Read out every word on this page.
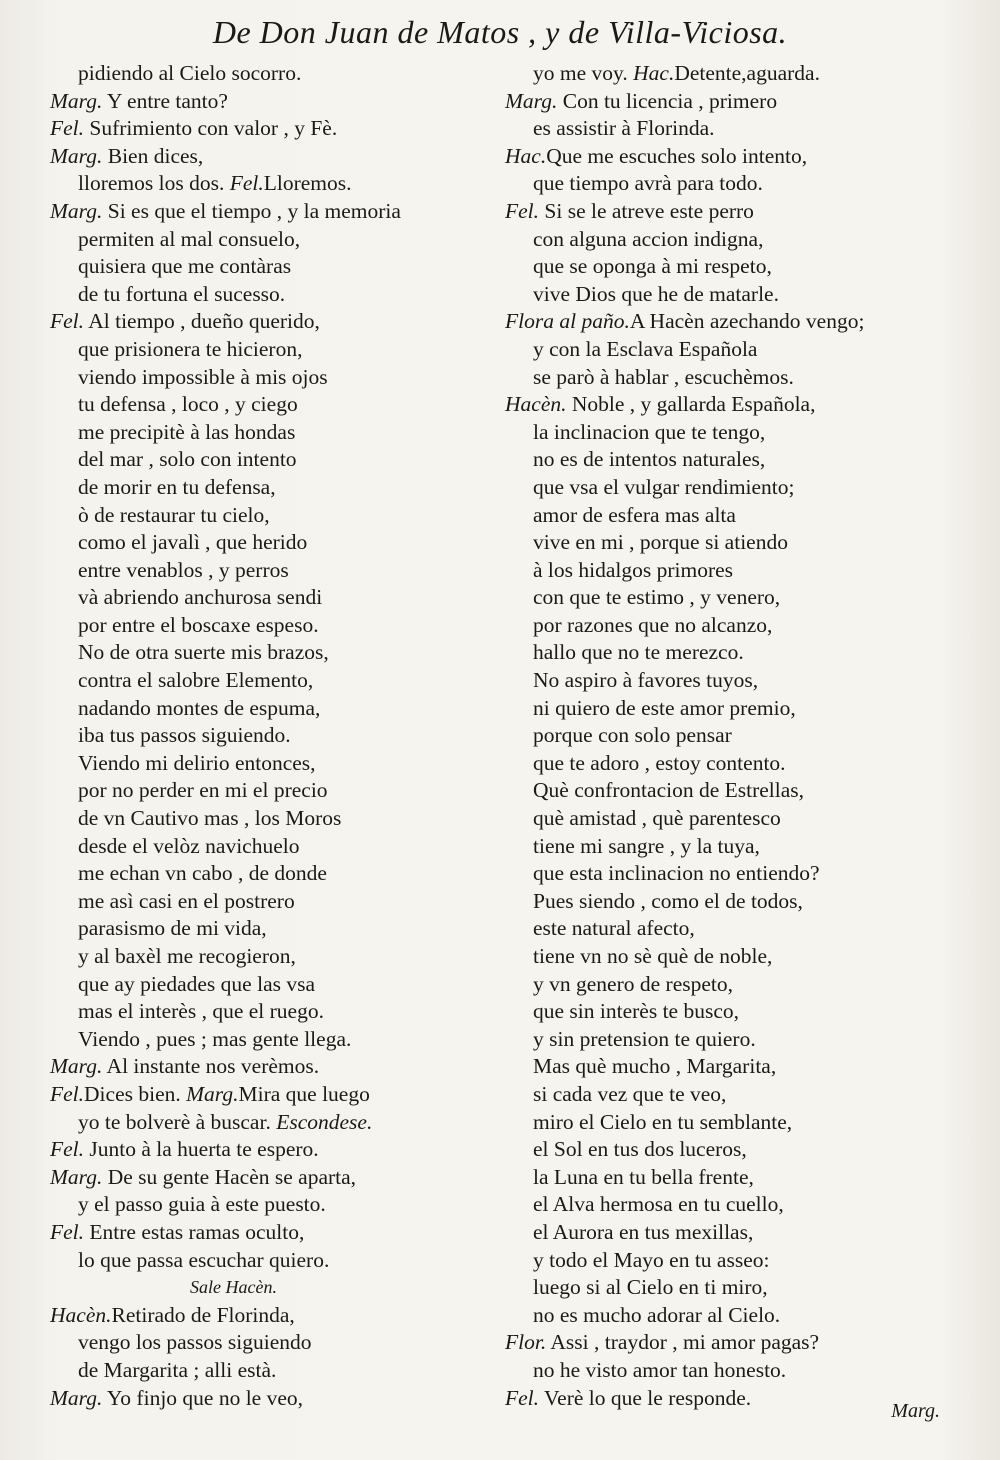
De Don Juan de Matos , y de Villa-Viciosa.
pidiendo al Cielo socorro.
Marg. Y entre tanto?
Fel. Sufrimiento con valor , y Fè.
Marg. Bien dices,
lloremos los dos. Fel.Lloremos.
Marg. Si es que el tiempo , y la memoria
permiten al mal consuelo,
quisiera que me contàras
de tu fortuna el sucesso.
Fel. Al tiempo , dueño querido,
que prisionera te hicieron,
viendo impossible à mis ojos
tu defensa , loco , y ciego
me precipitè à las hondas
del mar , solo con intento
de morir en tu defensa,
ò de restaurar tu cielo,
como el javalì , que herido
entre venablos , y perros
và abriendo anchurosa sendi
por entre el boscaxe espeso.
No de otra suerte mis brazos,
contra el salobre Elemento,
nadando montes de espuma,
iba tus passos siguiendo.
Viendo mi delirio entonces,
por no perder en mi el precio
de vn Cautivo mas , los Moros
desde el velòz navichuelo
me echan vn cabo , de donde
me asì casi en el postrero
parasismo de mi vida,
y al baxèl me recogieron,
que ay piedades que las vsa
mas el interès , que el ruego.
Viendo , pues ; mas gente llega.
Marg. Al instante nos verèmos.
Fel.Dices bien. Marg.Mira que luego
yo te bolverè à buscar. Escondese.
Fel. Junto à la huerta te espero.
Marg. De su gente Hacèn se aparta,
y el passo guia à este puesto.
Fel. Entre estas ramas oculto,
lo que passa escuchar quiero.
Sale Hacèn.
Hacèn.Retirado de Florinda,
vengo los passos siguiendo
de Margarita ; alli està.
Marg. Yo finjo que no le veo,
yo me voy. Hac.Detente,aguarda.
Marg. Con tu licencia , primero
es assistir à Florinda.
Hac.Que me escuches solo intento,
que tiempo avrà para todo.
Fel. Si se le atreve este perro
con alguna accion indigna,
que se oponga à mi respeto,
vive Dios que he de matarle.
Flora al paño.A Hacèn azechando vengo;
y con la Esclava Española
se parò à hablar , escuchèmos.
Hacèn. Noble , y gallarda Española,
la inclinacion que te tengo,
no es de intentos naturales,
que vsa el vulgar rendimiento;
amor de esfera mas alta
vive en mi , porque si atiendo
à los hidalgos primores
con que te estimo , y venero,
por razones que no alcanzo,
hallo que no te merezco.
No aspiro à favores tuyos,
ni quiero de este amor premio,
porque con solo pensar
que te adoro , estoy contento.
Què confrontacion de Estrellas,
què amistad , què parentesco
tiene mi sangre , y la tuya,
que esta inclinacion no entiendo?
Pues siendo , como el de todos,
este natural afecto,
tiene vn no sè què de noble,
y vn genero de respeto,
que sin interès te busco,
y sin pretension te quiero.
Mas què mucho , Margarita,
si cada vez que te veo,
miro el Cielo en tu semblante,
el Sol en tus dos luceros,
la Luna en tu bella frente,
el Alva hermosa en tu cuello,
el Aurora en tus mexillas,
y todo el Mayo en tu asseo:
luego si al Cielo en ti miro,
no es mucho adorar al Cielo.
Flor. Assi , traydor , mi amor pagas?
no he visto amor tan honesto.
Fel. Verè lo que le responde.
Marg.
